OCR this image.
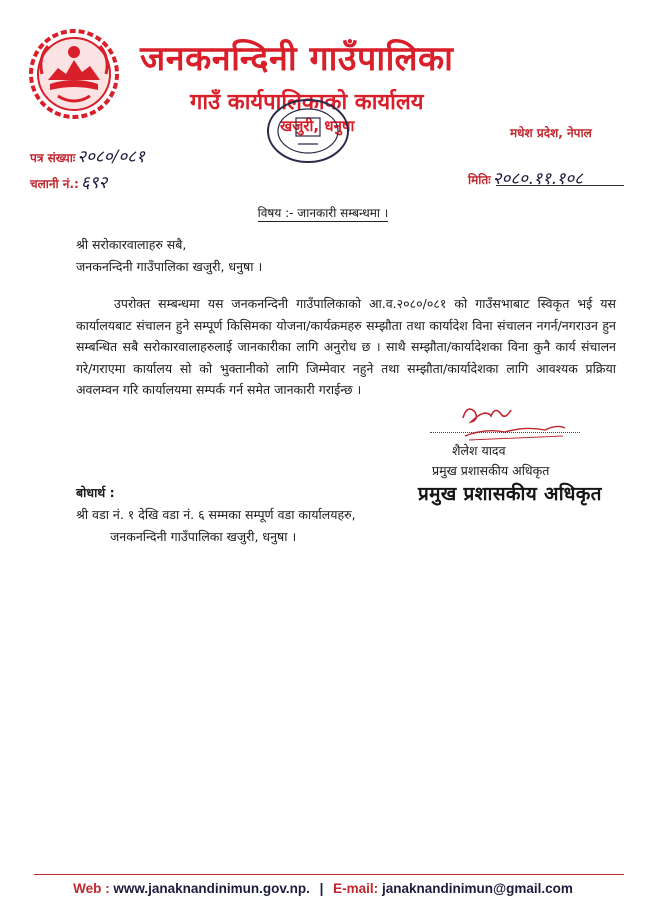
जनकनन्दिनी गाउँपालिका
गाउँ कार्यपालिकाको कार्यालय
खजुरी, धनुषा	मधेश प्रदेश, नेपाल
पत्र संख्याः २०८०/०८१
चलानी नं.: ६९२	मितिः २०८०.११.१०८
विषय :- जानकारी सम्बन्धमा ।
श्री सरोकारवालाहरु सबै,
जनकनन्दिनी गाउँपालिका खजुरी, धनुषा ।
उपरोक्त सम्बन्धमा यस जनकनन्दिनी गाउँपालिकाको आ.व.२०८०/०८१ को गाउँसभाबाट स्विकृत भई यस कार्यालयबाट संचालन हुने सम्पूर्ण किसिमका योजना/कार्यक्रमहरु सम्झौता तथा कार्यादेश विना संचालन नगर्न/नगराउन हुन सम्बन्धित सबै सरोकारवालाहरुलाई जानकारीका लागि अनुरोध छ । साथै सम्झौता/कार्यादेशका विना कुनै कार्य संचालन गरे/गराएमा कार्यालय सो को भुक्तानीको लागि जिम्मेवार नहुने तथा सम्झौता/कार्यादेशका लागि आवश्यक प्रक्रिया अवलम्वन गरि कार्यालयमा सम्पर्क गर्न समेत जानकारी गराईन्छ ।
शैलेश यादव
प्रमुख प्रशासकीय अधिकृत
प्रमुख प्रशासकीय अधिकृत
बोधार्थ :
श्री वडा नं. १ देखि वडा नं. ६ सम्मका सम्पूर्ण वडा कार्यालयहरु,
जनकनन्दिनी गाउँपालिका खजुरी, धनुषा ।
Web : www.janaknandinimun.gov.np. | E-mail: janaknandinimun@gmail.com
